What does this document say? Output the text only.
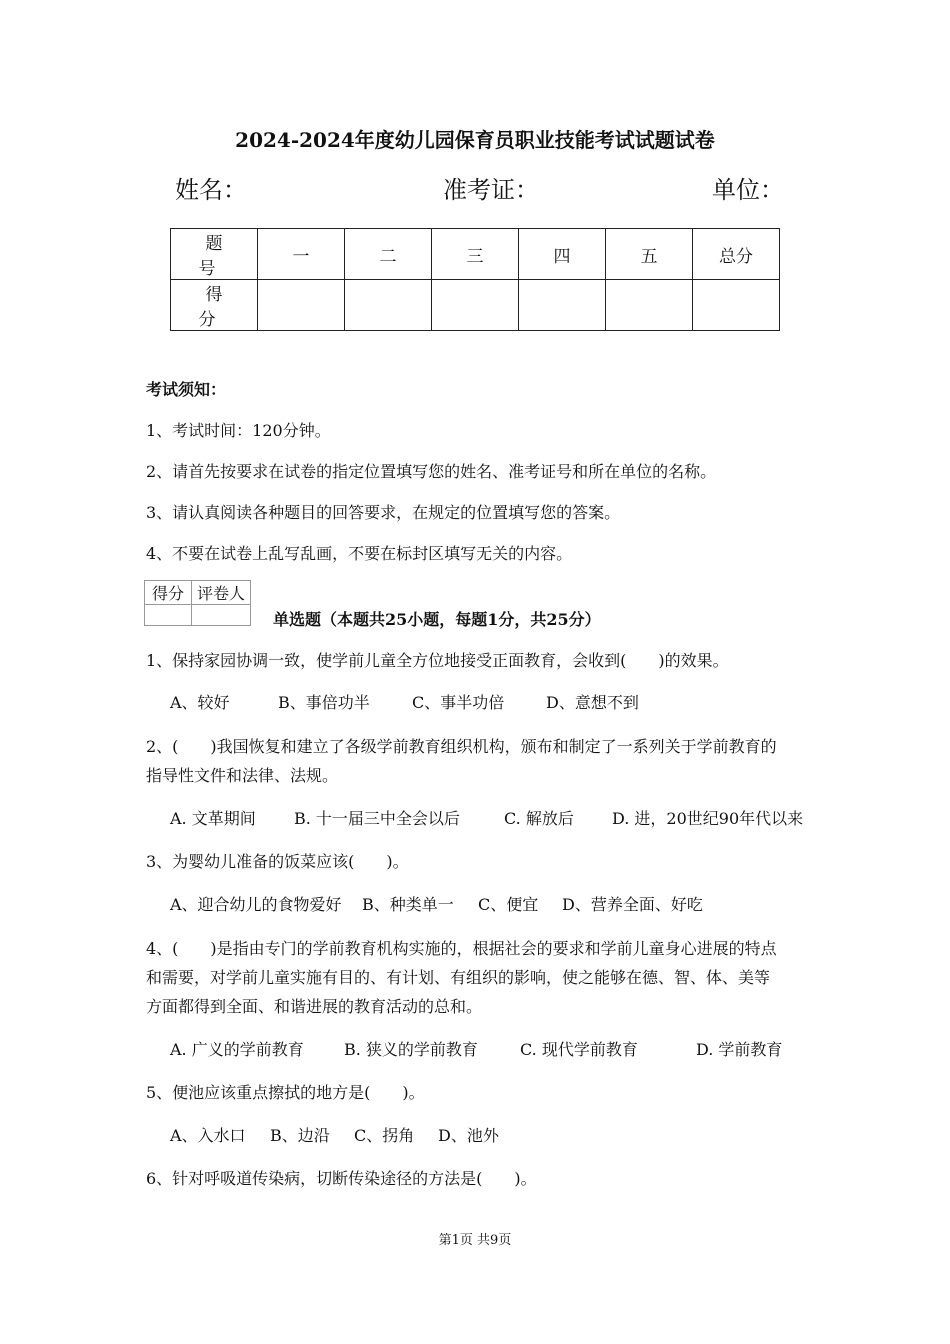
2024-2024年度幼儿园保育员职业技能考试试题试卷
姓名：	准考证：	单位：
题　号	一	二	三	四	五	总分
得　分						
考试须知：
1、考试时间：120分钟。
2、请首先按要求在试卷的指定位置填写您的姓名、准考证号和所在单位的名称。
3、请认真阅读各种题目的回答要求，在规定的位置填写您的答案。
4、不要在试卷上乱写乱画，不要在标封区填写无关的内容。
得分	评卷人

单选题（本题共25小题，每题1分，共25分）
1、保持家园协调一致，使学前儿童全方位地接受正面教育，会收到(　　)的效果。
A、较好	B、事倍功半	C、事半功倍	D、意想不到
2、(　　)我国恢复和建立了各级学前教育组织机构，颁布和制定了一系列关于学前教育的
指导性文件和法律、法规。
A. 文革期间 B. 十一届三中全会以后	C. 解放后 D. 进，20世纪90年代以来
3、为婴幼儿准备的饭菜应该(　　)。
A、迎合幼儿的食物爱好 B、种类单一 C、便宜 D、营养全面、好吃
4、(　　)是指由专门的学前教育机构实施的，根据社会的要求和学前儿童身心进展的特点
和需要，对学前儿童实施有目的、有计划、有组织的影响，使之能够在德、智、体、美等
方面都得到全面、和谐进展的教育活动的总和。
A. 广义的学前教育	B. 狭义的学前教育	C. 现代学前教育	D. 学前教育
5、便池应该重点擦拭的地方是(　　)。
A、入水口 B、边沿 C、拐角 D、池外
6、针对呼吸道传染病，切断传染途径的方法是(　　)。
第1页 共9页
